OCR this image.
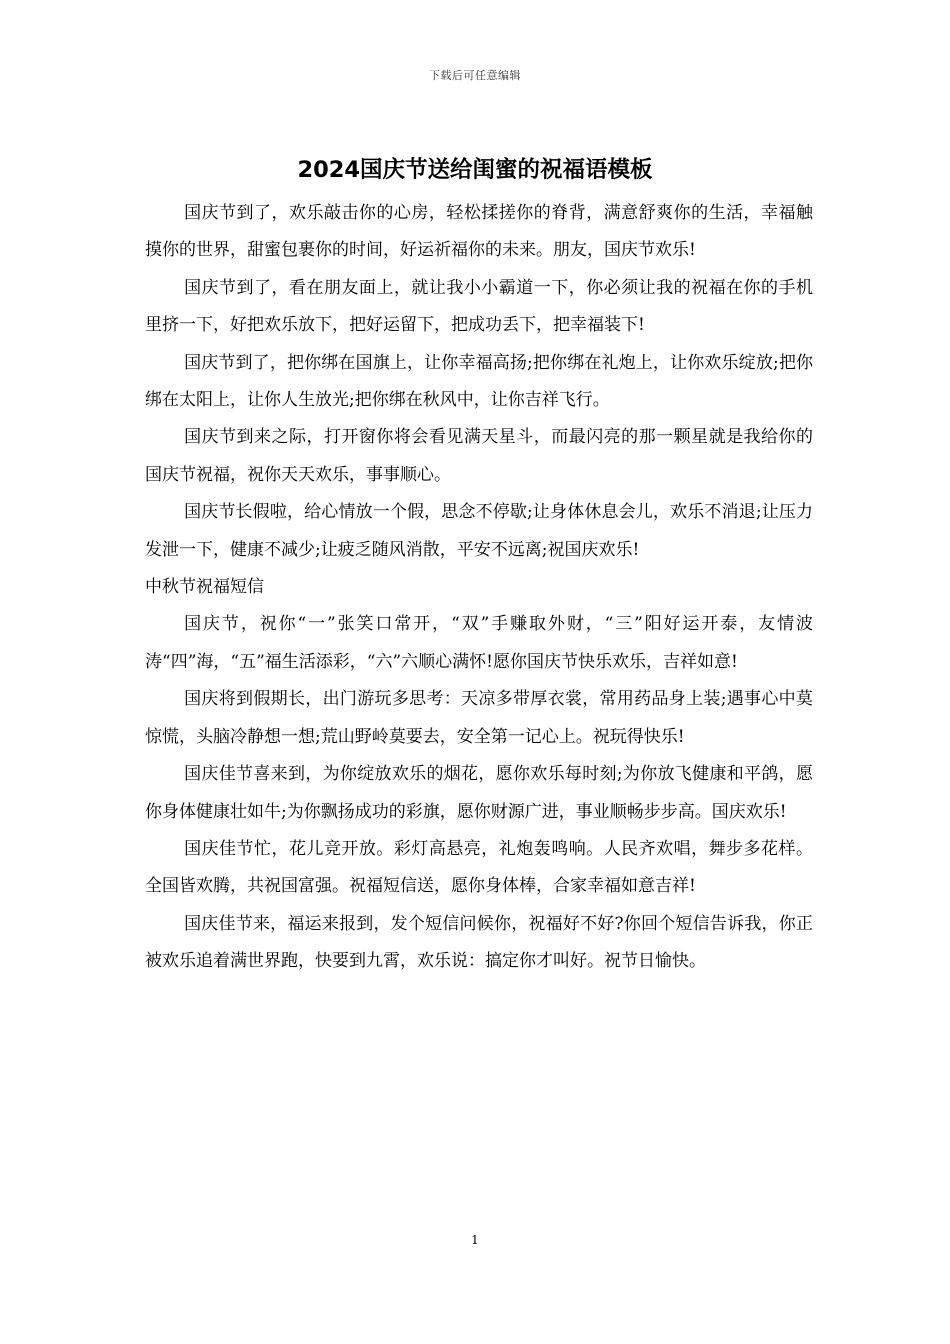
下载后可任意编辑
2024国庆节送给闺蜜的祝福语模板

国庆节到了，欢乐敲击你的心房，轻松揉搓你的脊背，满意舒爽你的生活，幸福触摸你的世界，甜蜜包裹你的时间，好运祈福你的未来。朋友，国庆节欢乐!

国庆节到了，看在朋友面上，就让我小小霸道一下，你必须让我的祝福在你的手机里挤一下，好把欢乐放下，把好运留下，把成功丢下，把幸福装下!

国庆节到了，把你绑在国旗上，让你幸福高扬;把你绑在礼炮上，让你欢乐绽放;把你绑在太阳上，让你人生放光;把你绑在秋风中，让你吉祥飞行。

国庆节到来之际，打开窗你将会看见满天星斗，而最闪亮的那一颗星就是我给你的国庆节祝福，祝你天天欢乐，事事顺心。

国庆节长假啦，给心情放一个假，思念不停歇;让身体休息会儿，欢乐不消退;让压力发泄一下，健康不减少;让疲乏随风消散，平安不远离;祝国庆欢乐!

中秋节祝福短信

国庆节，祝你“一”张笑口常开，“双”手赚取外财，“三”阳好运开泰，友情波涛“四”海，“五”福生活添彩，“六”六顺心满怀!愿你国庆节快乐欢乐，吉祥如意!

国庆将到假期长，出门游玩多思考：天凉多带厚衣裳，常用药品身上装;遇事心中莫惊慌，头脑冷静想一想;荒山野岭莫要去，安全第一记心上。祝玩得快乐!

国庆佳节喜来到，为你绽放欢乐的烟花，愿你欢乐每时刻;为你放飞健康和平鸽，愿你身体健康壮如牛;为你飘扬成功的彩旗，愿你财源广进，事业顺畅步步高。国庆欢乐!

国庆佳节忙，花儿竞开放。彩灯高悬亮，礼炮轰鸣响。人民齐欢唱，舞步多花样。全国皆欢腾，共祝国富强。祝福短信送，愿你身体棒，合家幸福如意吉祥!

国庆佳节来，福运来报到，发个短信问候你，祝福好不好?你回个短信告诉我，你正被欢乐追着满世界跑，快要到九霄，欢乐说：搞定你才叫好。祝节日愉快。

1
